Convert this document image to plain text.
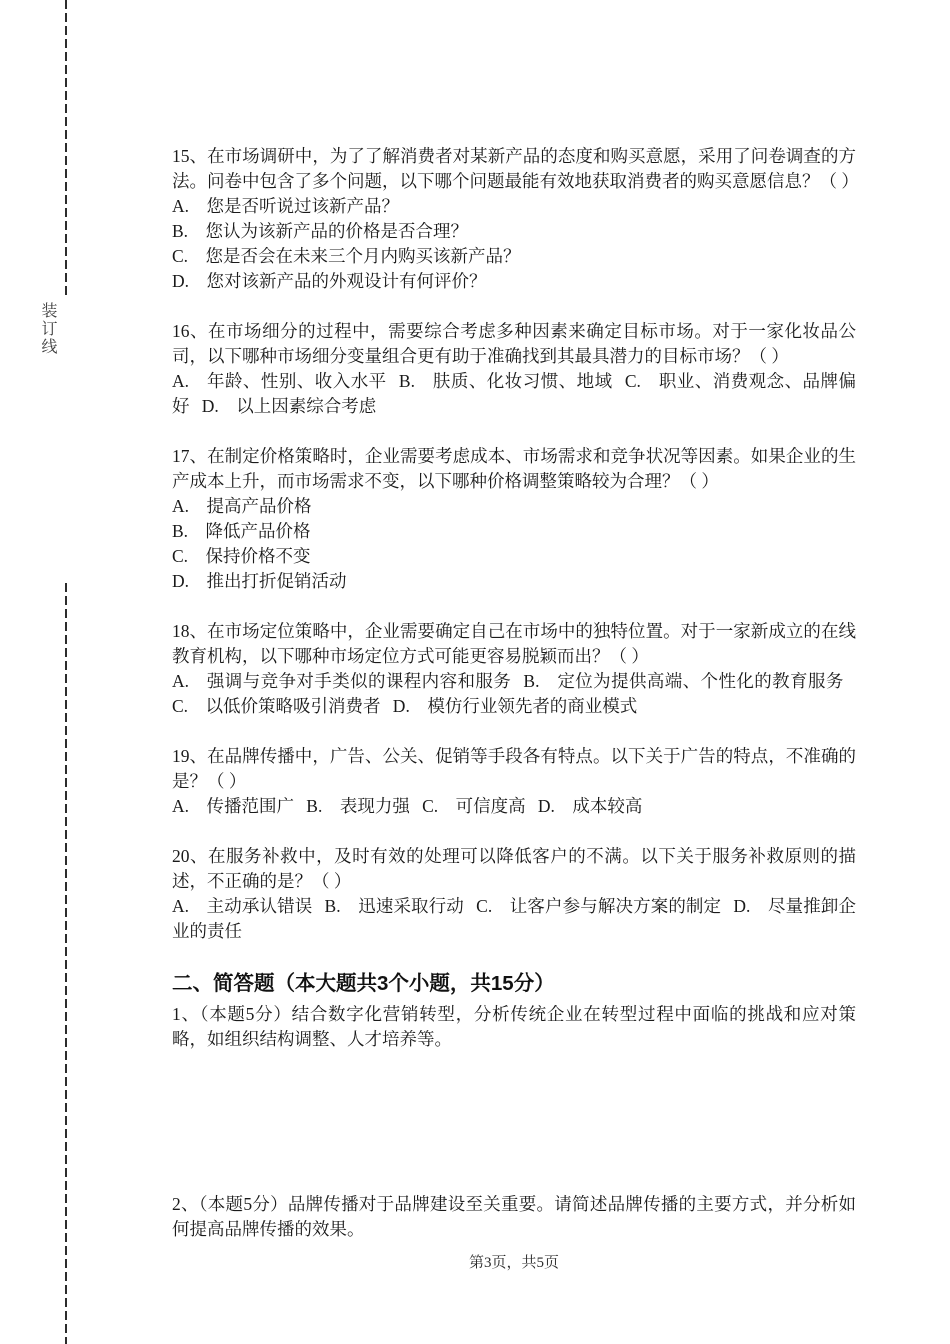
装订线
15、在市场调研中，为了了解消费者对某新产品的态度和购买意愿，采用了问卷调查的方法。问卷中包含了多个问题，以下哪个问题最能有效地获取消费者的购买意愿信息？（ ）
A. 您是否听说过该新产品？
B. 您认为该新产品的价格是否合理？
C. 您是否会在未来三个月内购买该新产品？
D. 您对该新产品的外观设计有何评价？
16、在市场细分的过程中，需要综合考虑多种因素来确定目标市场。对于一家化妆品公司，以下哪种市场细分变量组合更有助于准确找到其最具潜力的目标市场？（ ）
A. 年龄、性别、收入水平  B. 肤质、化妆习惯、地域  C. 职业、消费观念、品牌偏好  D. 以上因素综合考虑
17、在制定价格策略时，企业需要考虑成本、市场需求和竞争状况等因素。如果企业的生产成本上升，而市场需求不变，以下哪种价格调整策略较为合理？（ ）
A. 提高产品价格
B. 降低产品价格
C. 保持价格不变
D. 推出打折促销活动
18、在市场定位策略中，企业需要确定自己在市场中的独特位置。对于一家新成立的在线教育机构，以下哪种市场定位方式可能更容易脱颖而出？（ ）
A. 强调与竞争对手类似的课程内容和服务  B. 定位为提供高端、个性化的教育服务  C. 以低价策略吸引消费者  D. 模仿行业领先者的商业模式
19、在品牌传播中，广告、公关、促销等手段各有特点。以下关于广告的特点，不准确的是？（ ）
A. 传播范围广  B. 表现力强  C. 可信度高  D. 成本较高
20、在服务补救中，及时有效的处理可以降低客户的不满。以下关于服务补救原则的描述，不正确的是？（ ）
A. 主动承认错误  B. 迅速采取行动  C. 让客户参与解决方案的制定  D. 尽量推卸企业的责任
二、简答题（本大题共3个小题，共15分）
1、（本题5分）结合数字化营销转型，分析传统企业在转型过程中面临的挑战和应对策略，如组织结构调整、人才培养等。
2、（本题5分）品牌传播对于品牌建设至关重要。请简述品牌传播的主要方式，并分析如何提高品牌传播的效果。
第3页，共5页
